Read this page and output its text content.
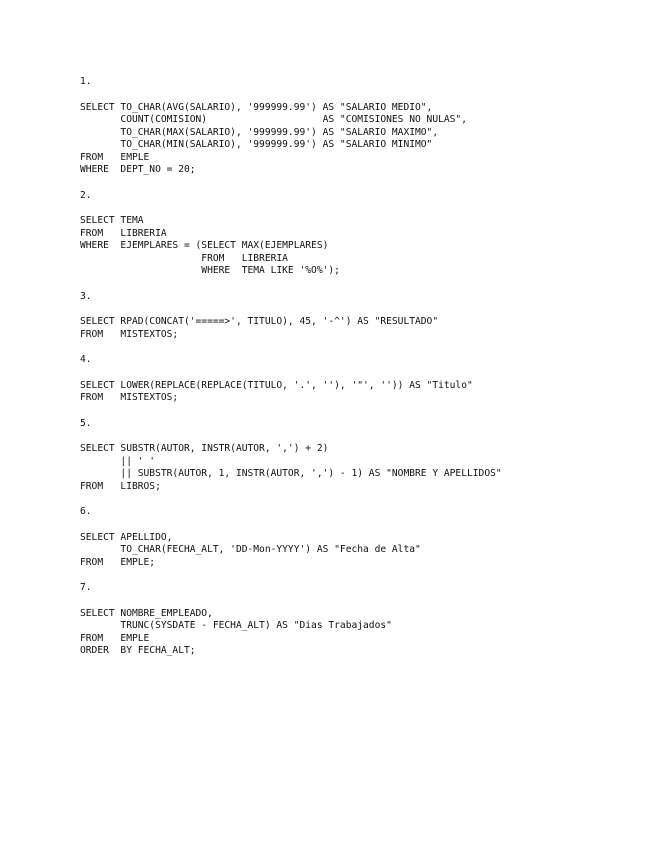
1.

SELECT TO_CHAR(AVG(SALARIO), '999999.99') AS "SALARIO MEDIO",
COUNT(COMISION)                    AS "COMISIONES NO NULAS",
TO_CHAR(MAX(SALARIO), '999999.99') AS "SALARIO MAXIMO",
TO_CHAR(MIN(SALARIO), '999999.99') AS "SALARIO MINIMO"
FROM   EMPLE
WHERE  DEPT_NO = 20;

2.

SELECT TEMA
FROM   LIBRERIA
WHERE  EJEMPLARES = (SELECT MAX(EJEMPLARES)
FROM   LIBRERIA
WHERE  TEMA LIKE '%O%');

3.

SELECT RPAD(CONCAT('=====>', TITULO), 45, '-^') AS "RESULTADO"
FROM   MISTEXTOS;

4.

SELECT LOWER(REPLACE(REPLACE(TITULO, '.', ''), '"', '')) AS "Titulo"
FROM   MISTEXTOS;

5.

SELECT SUBSTR(AUTOR, INSTR(AUTOR, ',') + 2)
|| ' '
|| SUBSTR(AUTOR, 1, INSTR(AUTOR, ',') - 1) AS "NOMBRE Y APELLIDOS"
FROM   LIBROS;

6.

SELECT APELLIDO,
TO_CHAR(FECHA_ALT, 'DD-Mon-YYYY') AS "Fecha de Alta"
FROM   EMPLE;

7.

SELECT NOMBRE_EMPLEADO,
TRUNC(SYSDATE - FECHA_ALT) AS "Dias Trabajados"
FROM   EMPLE
ORDER  BY FECHA_ALT;
